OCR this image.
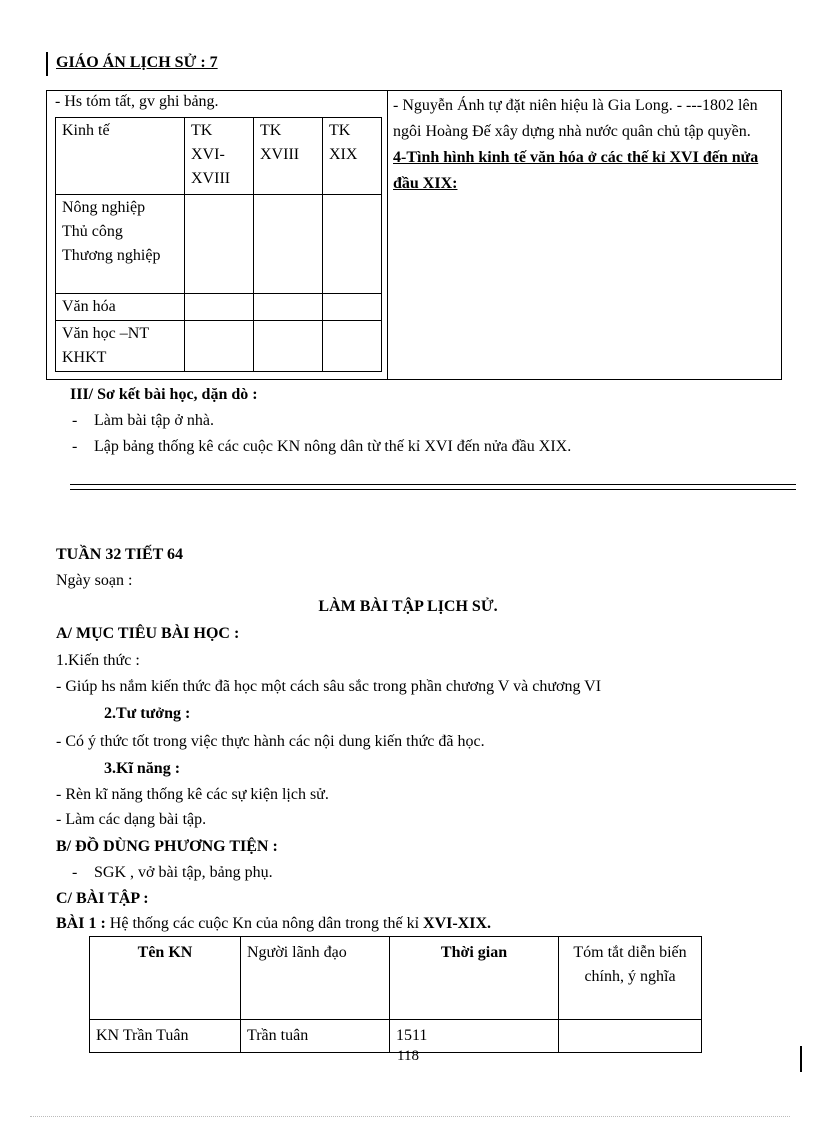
GIÁO ÁN LỊCH SỬ : 7
- Hs tóm tất, gv ghi bảng.
Kinh tế	TK XVI-XVIII	TK XVIII	TK XIX

Nông nghiệp
Thủ công
Thương nghiệp			

Văn hóa			

Văn học –NT
KHKT			

- Nguyễn Ánh tự đặt niên hiệu là Gia Long. - ---1802 lên ngôi Hoàng Đế xây dựng nhà nước quân chủ tập quyền.
4-Tình hình kinh tế văn hóa ở các thế kỉ XVI đến nửa đầu XIX:
III/ Sơ kết bài học, dặn dò :
- Làm bài tập ở nhà.
- Lập bảng thống kê các cuộc KN nông dân từ thế kỉ XVI đến nửa đầu XIX.
TUẦN 32 TIẾT 64
Ngày soạn :
LÀM BÀI TẬP LỊCH SỬ.
A/ MỤC TIÊU BÀI HỌC :
1.Kiến thức :
- Giúp hs nắm kiến thức đã học một cách sâu sắc trong phần chương V và chương VI
2.Tư tưởng :
- Có ý thức tốt trong việc thực hành các nội dung kiến thức đã học.
3.Kĩ năng :
- Rèn kĩ năng thống kê các sự kiện lịch sử.
- Làm các dạng bài tập.
B/ ĐỒ DÙNG PHƯƠNG TIỆN :
- SGK , vở bài tập, bảng phụ.
C/ BÀI TẬP :
BÀI 1 : Hệ thống các cuộc Kn của nông dân trong thế kỉ XVI-XIX.
Tên KN	Người lãnh đạo	Thời gian	Tóm tắt diễn biến chính, ý nghĩa
KN Trần Tuân	Trần tuân	1511	
118
